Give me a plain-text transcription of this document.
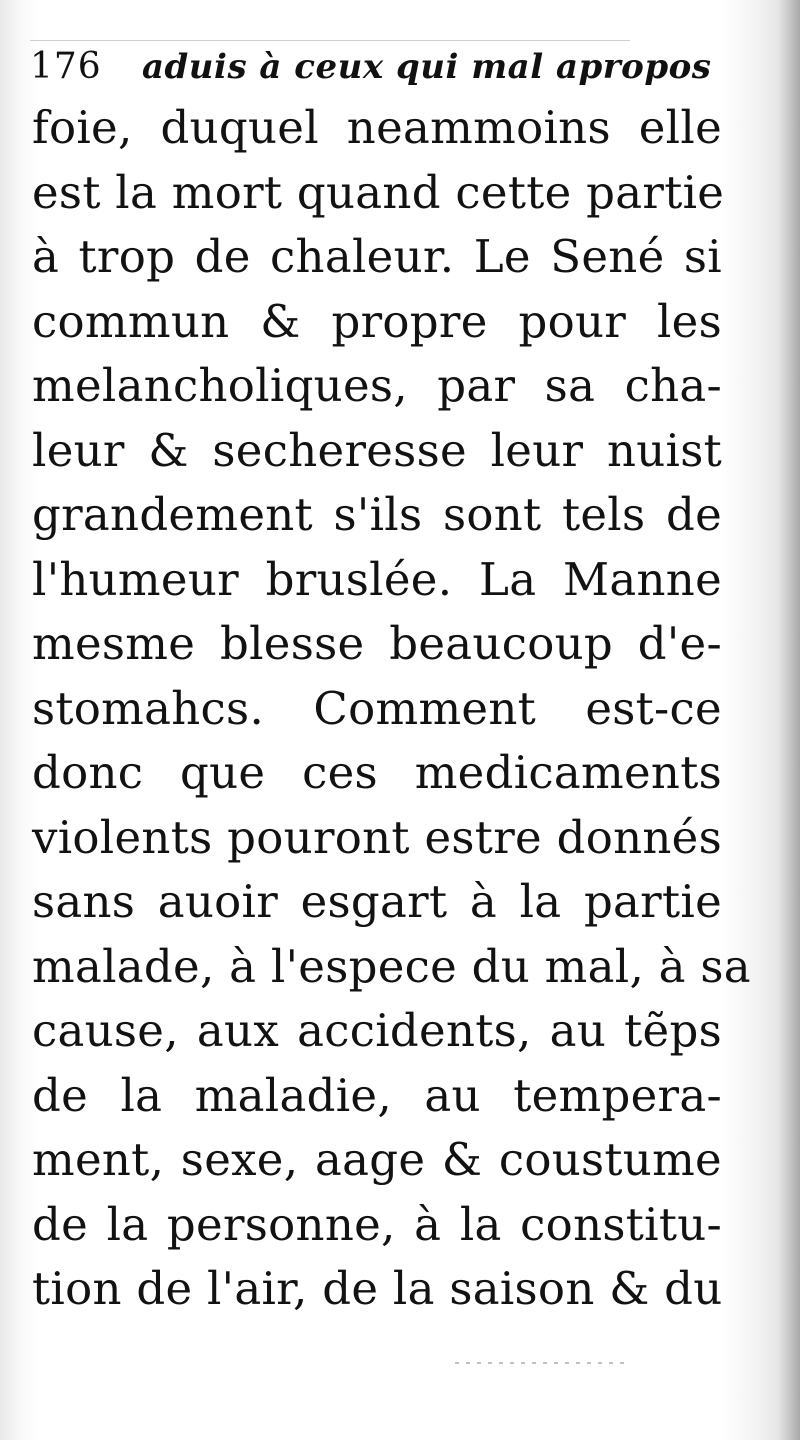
176 aduis à ceux qui mal apropos
foie, duquel neammoins elle
est la mort quand cette partie
à trop de chaleur. Le Sené si
commun & propre pour les
melancholiques, par sa cha-
leur & secheresse leur nuist
grandement s'ils sont tels de
l'humeur bruslée. La Manne
mesme blesse beaucoup d'e-
stomahcs. Comment est-ce
donc que ces medicaments
violents pouront estre donnés
sans auoir esgart à la partie
malade, à l'espece du mal, à sa
cause, aux accidents, au tẽps
de la maladie, au tempera-
ment, sexe, aage & coustume
de la personne, à la constitu-
tion de l'air, de la saison & du
